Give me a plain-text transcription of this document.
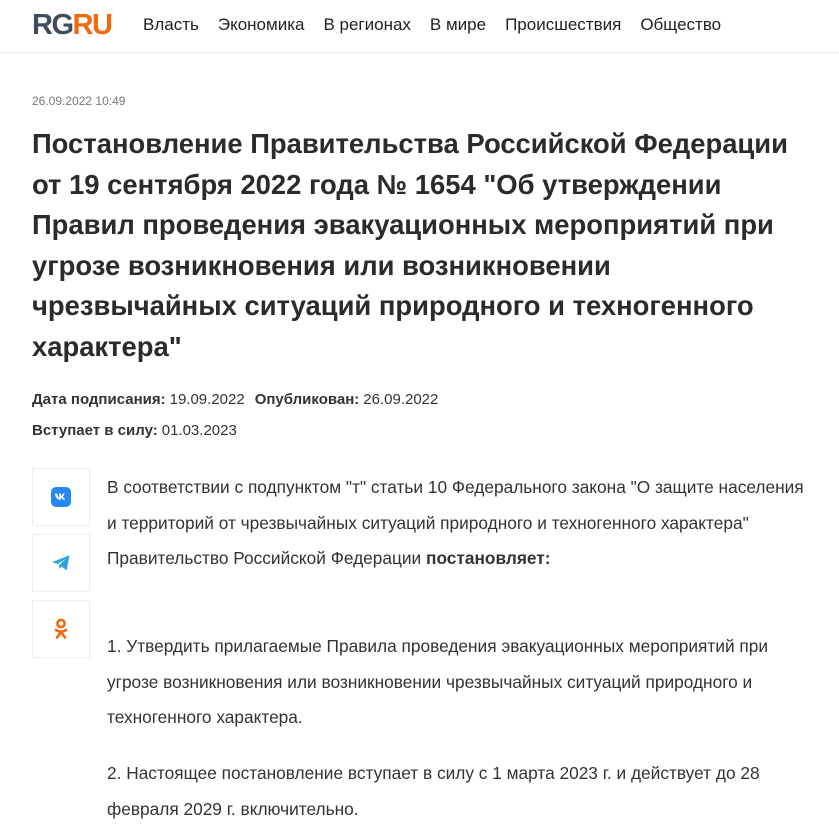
RGRU Власть Экономика В регионах В мире Происшествия Общество
26.09.2022 10:49
Постановление Правительства Российской Федерации от 19 сентября 2022 года № 1654 "Об утверждении Правил проведения эвакуационных мероприятий при угрозе возникновения или возникновении чрезвычайных ситуаций природного и техногенного характера"
Дата подписания: 19.09.2022 Опубликован: 26.09.2022
Вступает в силу: 01.03.2023

В соответствии с подпунктом "т" статьи 10 Федерального закона "О защите населения и территорий от чрезвычайных ситуаций природного и техногенного характера" Правительство Российской Федерации постановляет:

1. Утвердить прилагаемые Правила проведения эвакуационных мероприятий при угрозе возникновения или возникновении чрезвычайных ситуаций природного и техногенного характера.

2. Настоящее постановление вступает в силу с 1 марта 2023 г. и действует до 28 февраля 2029 г. включительно.
